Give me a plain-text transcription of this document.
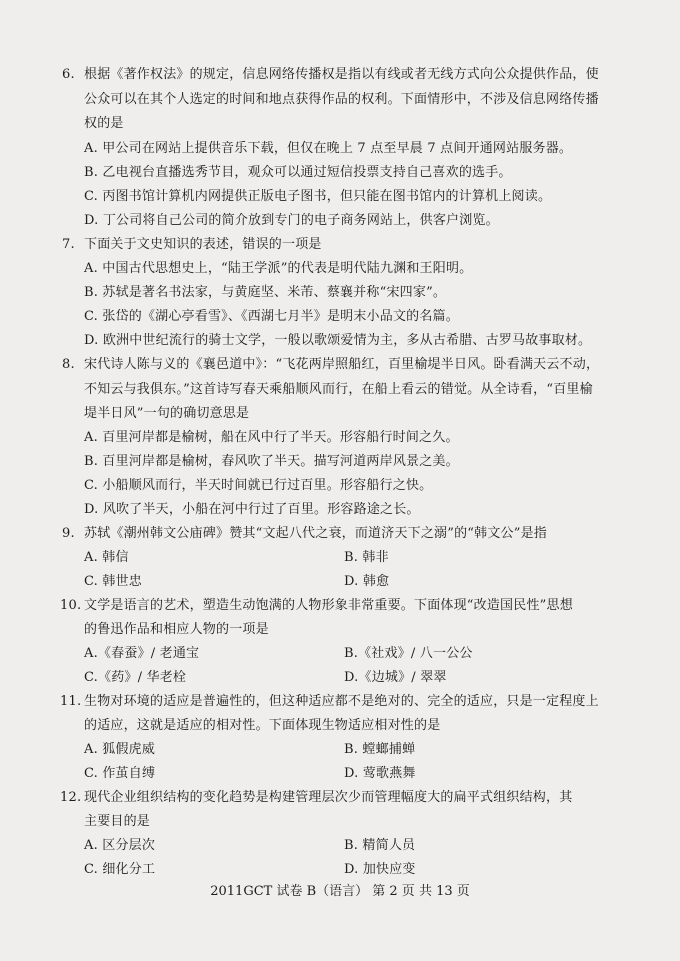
6. 根据《著作权法》的规定，信息网络传播权是指以有线或者无线方式向公众提供作品，使
公众可以在其个人选定的时间和地点获得作品的权利。下面情形中，不涉及信息网络传播
权的是
A. 甲公司在网站上提供音乐下载，但仅在晚上 7 点至早晨 7 点间开通网站服务器。
B. 乙电视台直播选秀节目，观众可以通过短信投票支持自己喜欢的选手。
C. 丙图书馆计算机内网提供正版电子图书，但只能在图书馆内的计算机上阅读。
D. 丁公司将自己公司的简介放到专门的电子商务网站上，供客户浏览。
7. 下面关于文史知识的表述，错误的一项是
A. 中国古代思想史上，“陆王学派”的代表是明代陆九渊和王阳明。
B. 苏轼是著名书法家，与黄庭坚、米芾、蔡襄并称“宋四家”。
C. 张岱的《湖心亭看雪》、《西湖七月半》是明末小品文的名篇。
D. 欧洲中世纪流行的骑士文学，一般以歌颂爱情为主，多从古希腊、古罗马故事取材。
8. 宋代诗人陈与义的《襄邑道中》：“飞花两岸照船红，百里榆堤半日风。卧看满天云不动，
不知云与我俱东。”这首诗写春天乘船顺风而行，在船上看云的错觉。从全诗看，“百里榆
堤半日风”一句的确切意思是
A. 百里河岸都是榆树，船在风中行了半天。形容船行时间之久。
B. 百里河岸都是榆树，春风吹了半天。描写河道两岸风景之美。
C. 小船顺风而行，半天时间就已行过百里。形容船行之快。
D. 风吹了半天，小船在河中行过了百里。形容路途之长。
9. 苏轼《潮州韩文公庙碑》赞其“文起八代之衰，而道济天下之溺”的“韩文公”是指
A. 韩信	B. 韩非
C. 韩世忠	D. 韩愈
10. 文学是语言的艺术，塑造生动饱满的人物形象非常重要。下面体现“改造国民性”思想
的鲁迅作品和相应人物的一项是
A.《春蚕》/ 老通宝	B.《社戏》/ 八一公公
C.《药》/ 华老栓	D.《边城》/ 翠翠
11. 生物对环境的适应是普遍性的，但这种适应都不是绝对的、完全的适应，只是一定程度上
的适应，这就是适应的相对性。下面体现生物适应相对性的是
A. 狐假虎威	B. 螳螂捕蝉
C. 作茧自缚	D. 莺歌燕舞
12. 现代企业组织结构的变化趋势是构建管理层次少而管理幅度大的扁平式组织结构，其
主要目的是
A. 区分层次	B. 精简人员
C. 细化分工	D. 加快应变
2011GCT 试卷 B（语言） 第 2 页 共 13 页
